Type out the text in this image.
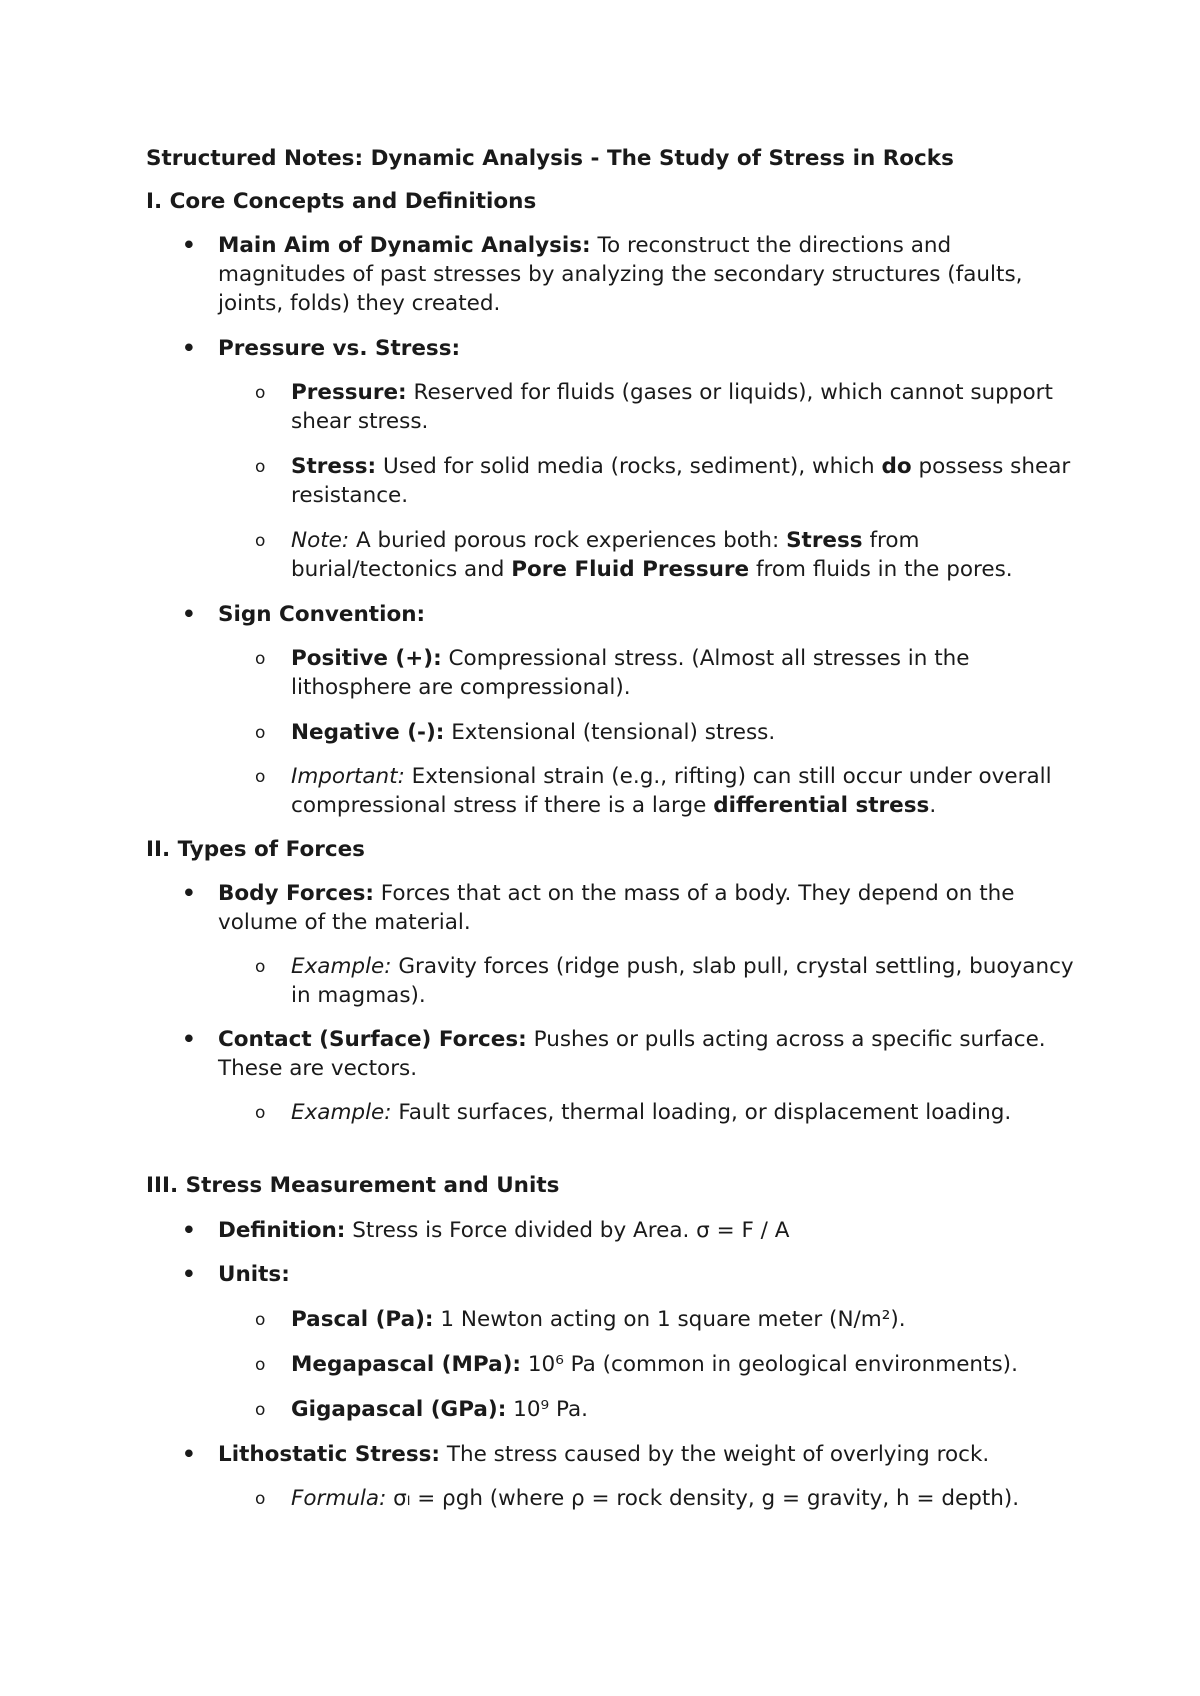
Structured Notes: Dynamic Analysis - The Study of Stress in Rocks
I. Core Concepts and Definitions
• Main Aim of Dynamic Analysis: To reconstruct the directions and magnitudes of past stresses by analyzing the secondary structures (faults, joints, folds) they created.
• Pressure vs. Stress:
o Pressure: Reserved for fluids (gases or liquids), which cannot support shear stress.
o Stress: Used for solid media (rocks, sediment), which do possess shear resistance.
o Note: A buried porous rock experiences both: Stress from burial/tectonics and Pore Fluid Pressure from fluids in the pores.
• Sign Convention:
o Positive (+): Compressional stress. (Almost all stresses in the lithosphere are compressional).
o Negative (-): Extensional (tensional) stress.
o Important: Extensional strain (e.g., rifting) can still occur under overall compressional stress if there is a large differential stress.
II. Types of Forces
• Body Forces: Forces that act on the mass of a body. They depend on the volume of the material.
o Example: Gravity forces (ridge push, slab pull, crystal settling, buoyancy in magmas).
• Contact (Surface) Forces: Pushes or pulls acting across a specific surface. These are vectors.
o Example: Fault surfaces, thermal loading, or displacement loading.
III. Stress Measurement and Units
• Definition: Stress is Force divided by Area. σ = F / A
• Units:
o Pascal (Pa): 1 Newton acting on 1 square meter (N/m²).
o Megapascal (MPa): 10⁶ Pa (common in geological environments).
o Gigapascal (GPa): 10⁹ Pa.
• Lithostatic Stress: The stress caused by the weight of overlying rock.
o Formula: σₗ = ρgh (where ρ = rock density, g = gravity, h = depth).
